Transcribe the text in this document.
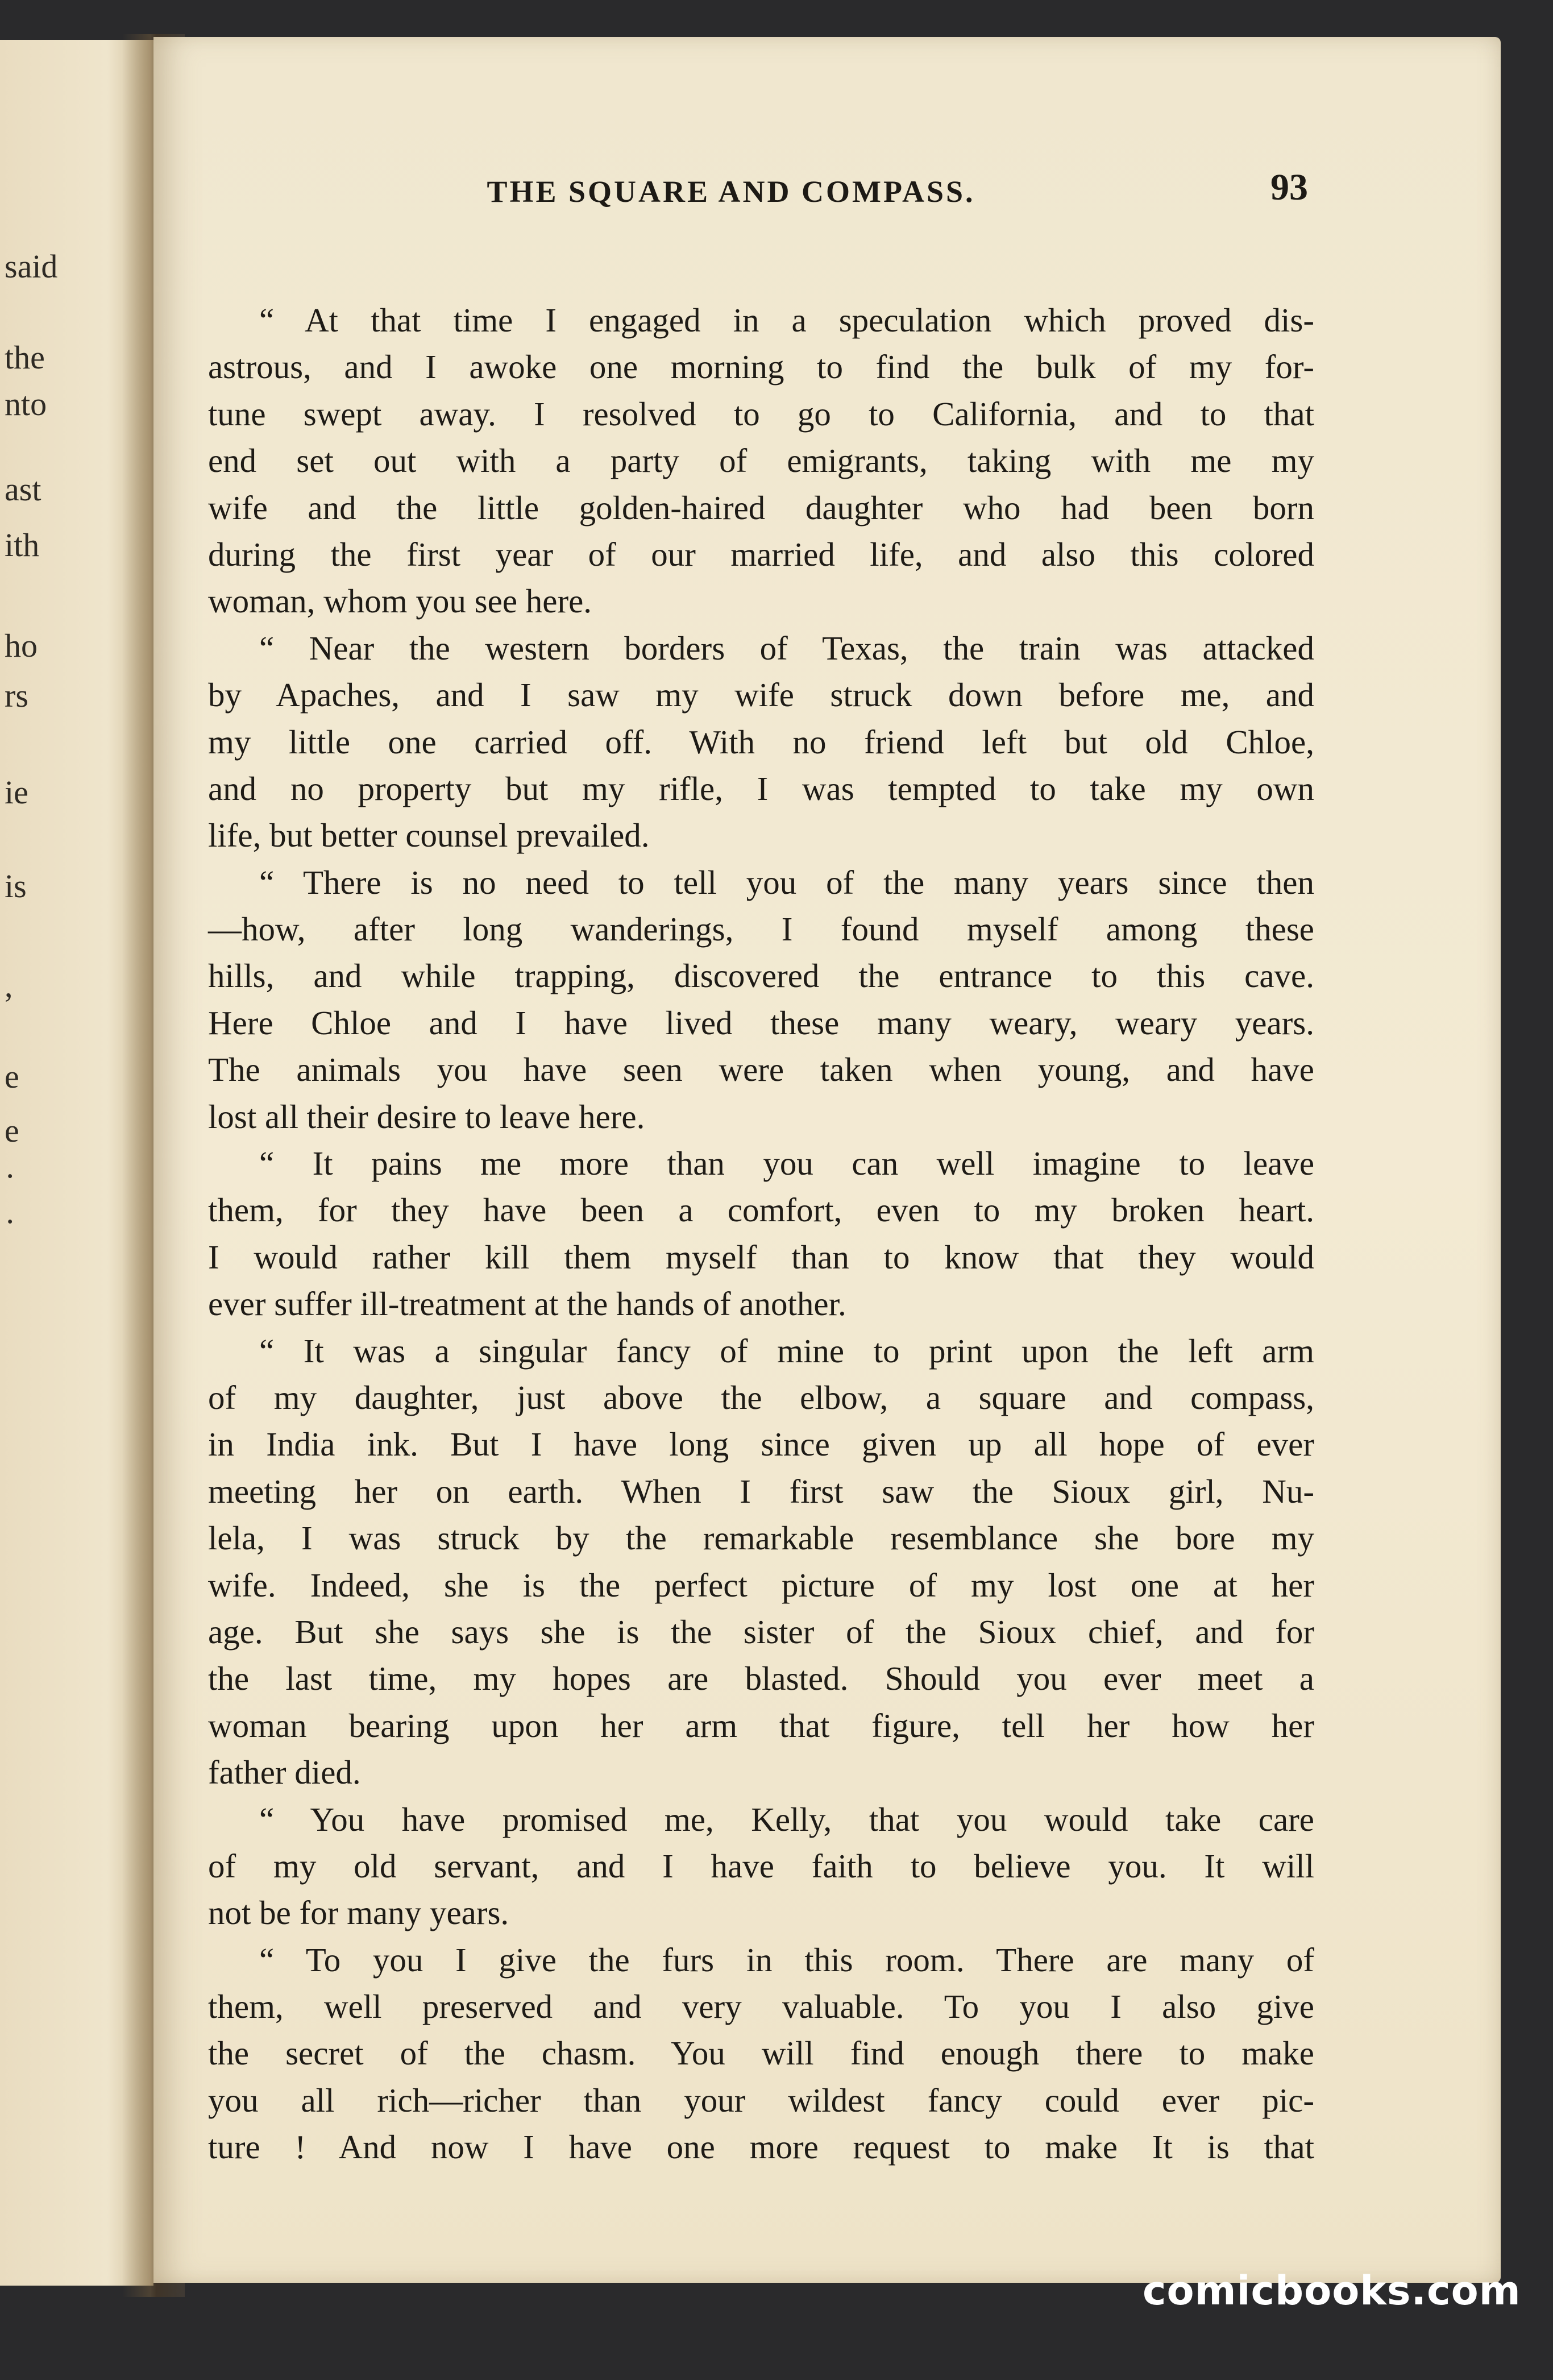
said
the
nto
ast
ith
ho
rs
ie
is
,
e
e
·
·
THE SQUARE AND COMPASS.	93
“ At that time I engaged in a speculation which proved dis-
astrous, and I awoke one morning to find the bulk of my for-
tune swept away. I resolved to go to California, and to that
end set out with a party of emigrants, taking with me my
wife and the little golden-haired daughter who had been born
during the first year of our married life, and also this colored
woman, whom you see here.
“ Near the western borders of Texas, the train was attacked
by Apaches, and I saw my wife struck down before me, and
my little one carried off. With no friend left but old Chloe,
and no property but my rifle, I was tempted to take my own
life, but better counsel prevailed.
“ There is no need to tell you of the many years since then
—how, after long wanderings, I found myself among these
hills, and while trapping, discovered the entrance to this cave.
Here Chloe and I have lived these many weary, weary years.
The animals you have seen were taken when young, and have
lost all their desire to leave here.
“ It pains me more than you can well imagine to leave
them, for they have been a comfort, even to my broken heart.
I would rather kill them myself than to know that they would
ever suffer ill-treatment at the hands of another.
“ It was a singular fancy of mine to print upon the left arm
of my daughter, just above the elbow, a square and compass,
in India ink. But I have long since given up all hope of ever
meeting her on earth. When I first saw the Sioux girl, Nu-
lela, I was struck by the remarkable resemblance she bore my
wife. Indeed, she is the perfect picture of my lost one at her
age. But she says she is the sister of the Sioux chief, and for
the last time, my hopes are blasted. Should you ever meet a
woman bearing upon her arm that figure, tell her how her
father died.
“ You have promised me, Kelly, that you would take care
of my old servant, and I have faith to believe you. It will
not be for many years.
“ To you I give the furs in this room. There are many of
them, well preserved and very valuable. To you I also give
the secret of the chasm. You will find enough there to make
you all rich—richer than your wildest fancy could ever pic-
ture ! And now I have one more request to make It is that
comicbooks.com
